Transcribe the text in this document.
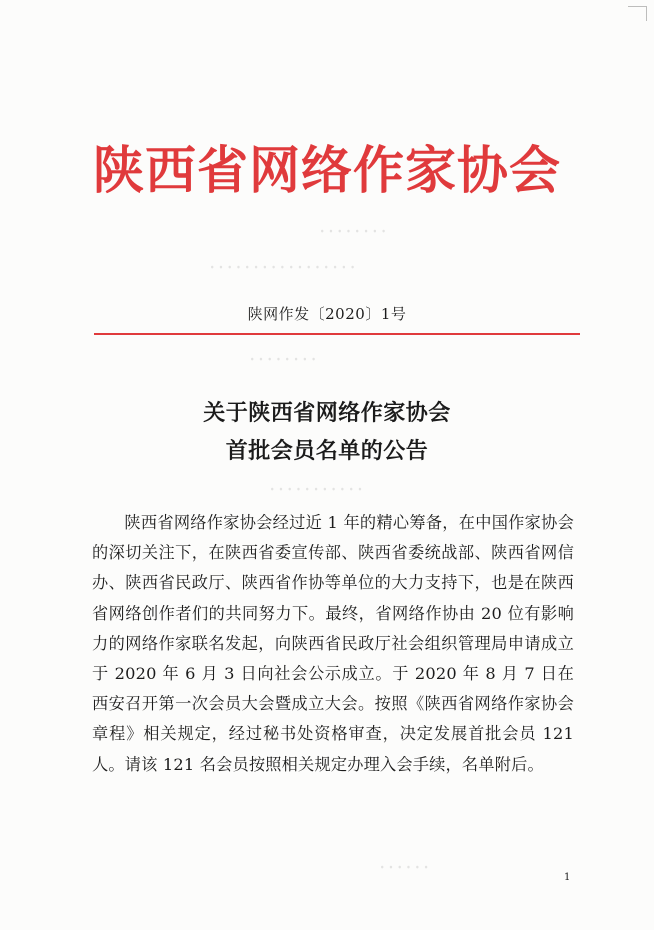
ꞏ ꞏ ꞏ ꞏ ꞏ ꞏ ꞏ ꞏ
ꞏ ꞏ ꞏ ꞏ ꞏ ꞏ ꞏ ꞏ ꞏ ꞏ ꞏ ꞏ ꞏ ꞏ ꞏ ꞏ ꞏ
ꞏ ꞏ ꞏ ꞏ ꞏ ꞏ ꞏ ꞏ
ꞏ ꞏ ꞏ ꞏ ꞏ ꞏ ꞏ ꞏ ꞏ ꞏ ꞏ
ꞏ ꞏ ꞏ ꞏ ꞏ ꞏ
陕西省网络作家协会
陕网作发〔2020〕1号
关于陕西省网络作家协会
首批会员名单的公告
陕西省网络作家协会经过近 1 年的精心筹备，在中国作家协会的深切关注下，在陕西省委宣传部、陕西省委统战部、陕西省网信办、陕西省民政厅、陕西省作协等单位的大力支持下，也是在陕西省网络创作者们的共同努力下。最终，省网络作协由 20 位有影响力的网络作家联名发起，向陕西省民政厅社会组织管理局申请成立于 2020 年 6 月 3 日向社会公示成立。于 2020 年 8 月 7 日在西安召开第一次会员大会暨成立大会。按照《陕西省网络作家协会章程》相关规定，经过秘书处资格审查，决定发展首批会员 121 人。请该 121 名会员按照相关规定办理入会手续，名单附后。
1
